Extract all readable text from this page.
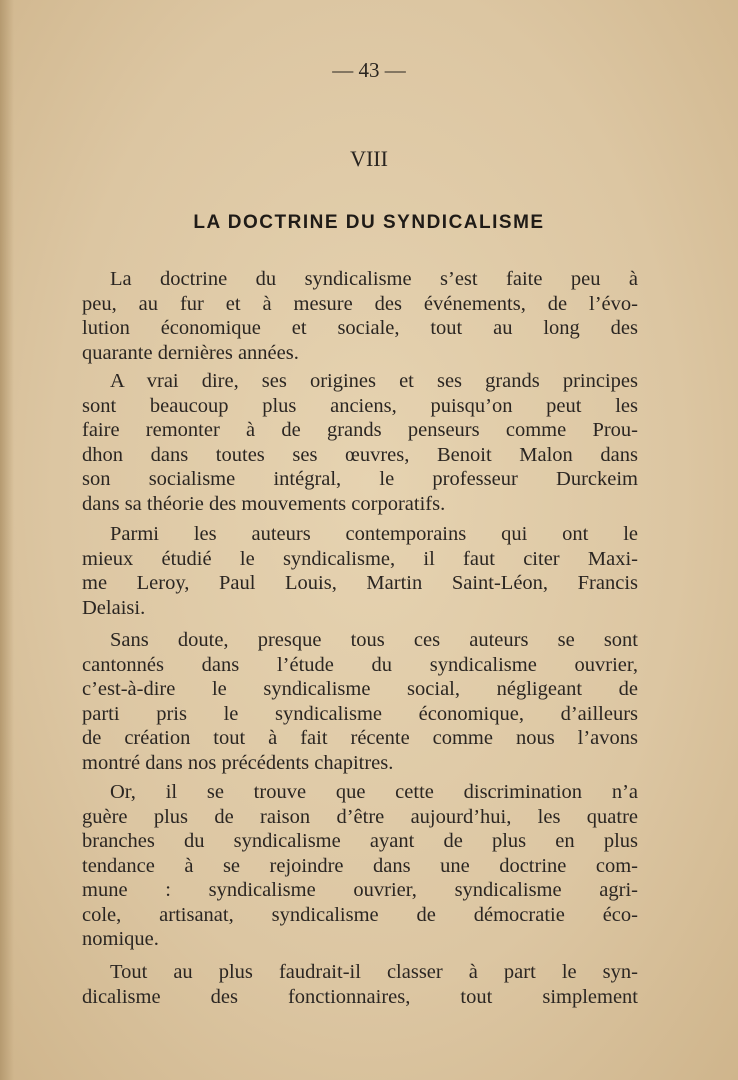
— 43 —
VIII
LA DOCTRINE DU SYNDICALISME
La doctrine du syndicalisme s’est faite peu à
peu, au fur et à mesure des événements, de l’évo-
lution économique et sociale, tout au long des
quarante dernières années.
A vrai dire, ses origines et ses grands principes
sont beaucoup plus anciens, puisqu’on peut les
faire remonter à de grands penseurs comme Prou-
dhon dans toutes ses œuvres, Benoit Malon dans
son socialisme intégral, le professeur Durckeim
dans sa théorie des mouvements corporatifs.
Parmi les auteurs contemporains qui ont le
mieux étudié le syndicalisme, il faut citer Maxi-
me Leroy, Paul Louis, Martin Saint-Léon, Francis
Delaisi.
Sans doute, presque tous ces auteurs se sont
cantonnés dans l’étude du syndicalisme ouvrier,
c’est-à-dire le syndicalisme social, négligeant de
parti pris le syndicalisme économique, d’ailleurs
de création tout à fait récente comme nous l’avons
montré dans nos précédents chapitres.
Or, il se trouve que cette discrimination n’a
guère plus de raison d’être aujourd’hui, les quatre
branches du syndicalisme ayant de plus en plus
tendance à se rejoindre dans une doctrine com-
mune : syndicalisme ouvrier, syndicalisme agri-
cole, artisanat, syndicalisme de démocratie éco-
nomique.
Tout au plus faudrait-il classer à part le syn-
dicalisme des fonctionnaires, tout simplement
